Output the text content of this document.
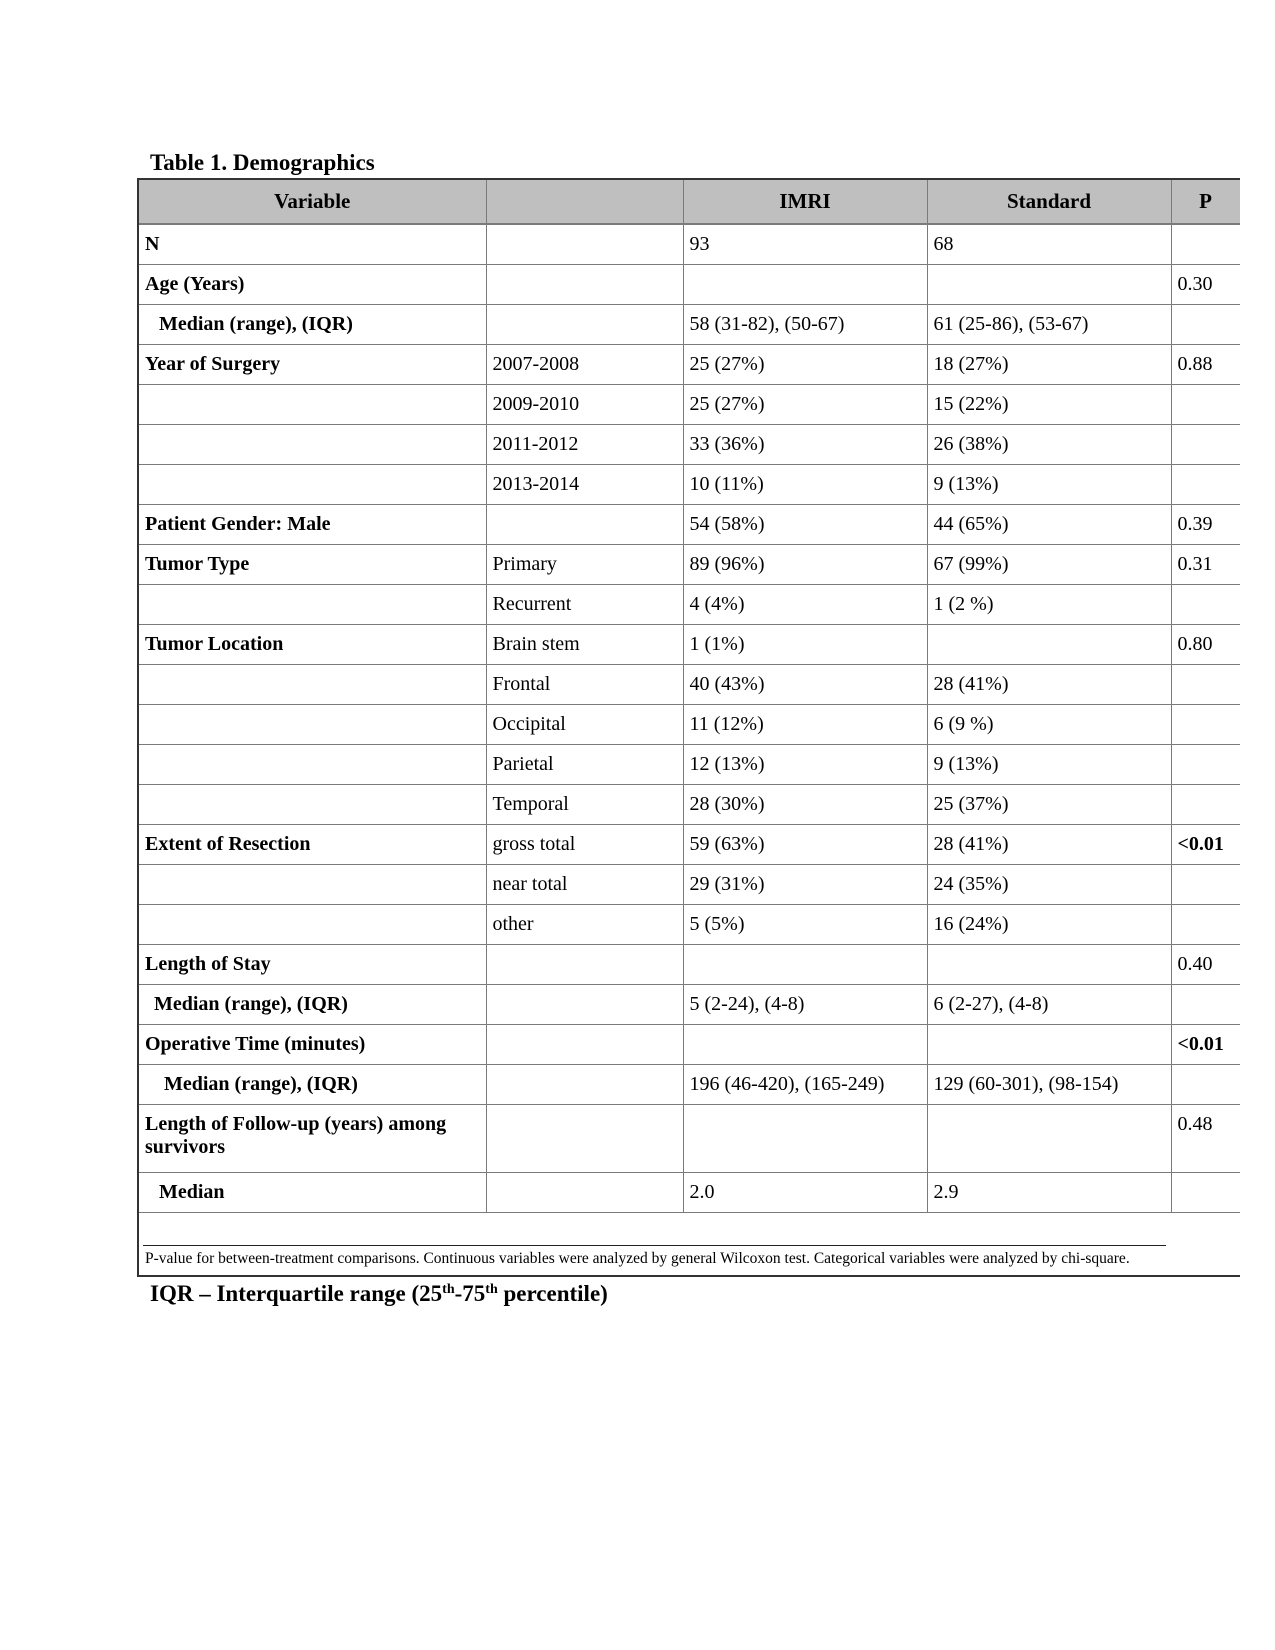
Table 1. Demographics
Variable		IMRI	Standard	P
N		93	68	
Age (Years)				0.30
Median (range), (IQR)		58 (31-82), (50-67)	61 (25-86), (53-67)	
Year of Surgery	2007-2008	25 (27%)	18 (27%)	0.88
	2009-2010	25 (27%)	15 (22%)	
	2011-2012	33 (36%)	26 (38%)	
	2013-2014	10 (11%)	9 (13%)	
Patient Gender: Male		54 (58%)	44 (65%)	0.39
Tumor Type	Primary	89 (96%)	67 (99%)	0.31
	Recurrent	4 (4%)	1 (2 %)	
Tumor Location	Brain stem	1 (1%)		0.80
	Frontal	40 (43%)	28 (41%)	
	Occipital	11 (12%)	6 (9 %)	
	Parietal	12 (13%)	9 (13%)	
	Temporal	28 (30%)	25 (37%)	
Extent of Resection	gross total	59 (63%)	28 (41%)	<0.01
	near total	29 (31%)	24 (35%)	
	other	5 (5%)	16 (24%)	
Length of Stay				0.40
Median (range), (IQR)		5 (2-24), (4-8)	6 (2-27), (4-8)	
Operative Time (minutes)				<0.01
Median (range), (IQR)		196 (46-420), (165-249)	129 (60-301), (98-154)	
Length of Follow-up (years) among survivors				0.48
Median		2.0	2.9	
P-value for between-treatment comparisons. Continuous variables were analyzed by general Wilcoxon test. Categorical variables were analyzed by chi-square.
IQR – Interquartile range (25th-75th percentile)
